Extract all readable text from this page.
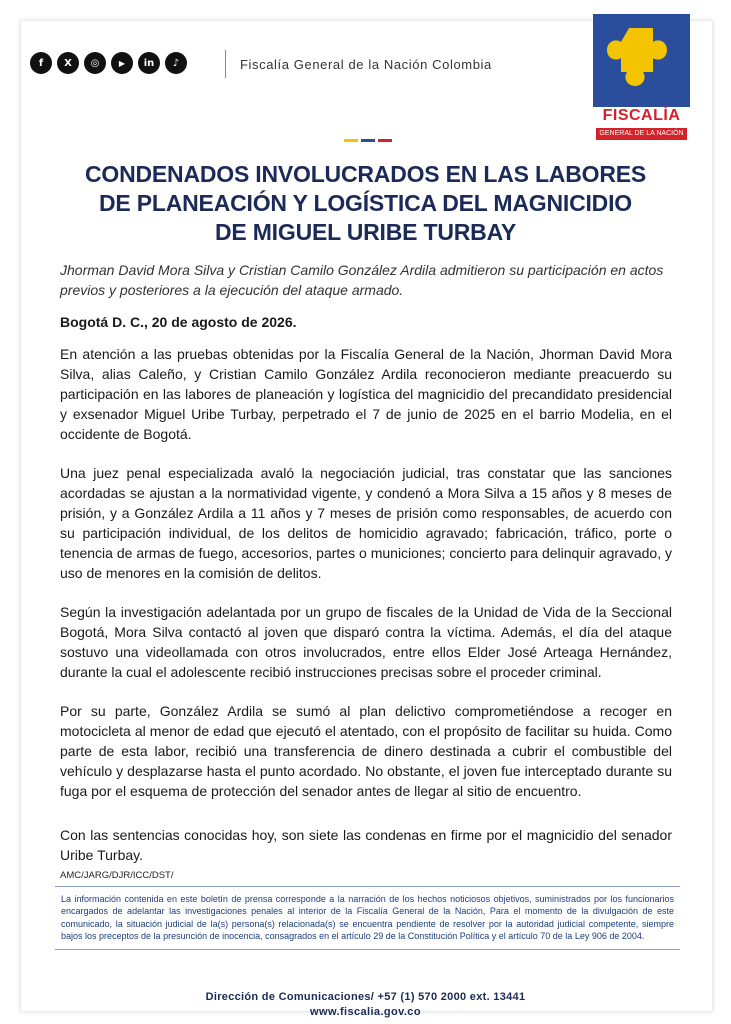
f	X	◎	▶	in	♪	Fiscalía General de la Nación Colombia
FISCALÍA
GENERAL DE LA NACIÓN
CONDENADOS INVOLUCRADOS EN LAS LABORES
DE PLANEACIÓN Y LOGÍSTICA DEL MAGNICIDIO
DE MIGUEL URIBE TURBAY
Jhorman David Mora Silva y Cristian Camilo González Ardila admitieron su participación en actos previos y posteriores a la ejecución del ataque armado.
Bogotá D. C., 20 de agosto de 2026.
En atención a las pruebas obtenidas por la Fiscalía General de la Nación, Jhorman David Mora Silva, alias Caleño, y Cristian Camilo González Ardila reconocieron mediante preacuerdo su participación en las labores de planeación y logística del magnicidio del precandidato presidencial y exsenador Miguel Uribe Turbay, perpetrado el 7 de junio de 2025 en el barrio Modelia, en el occidente de Bogotá.
Una juez penal especializada avaló la negociación judicial, tras constatar que las sanciones acordadas se ajustan a la normatividad vigente, y condenó a Mora Silva a 15 años y 8 meses de prisión, y a González Ardila a 11 años y 7 meses de prisión como responsables, de acuerdo con su participación individual, de los delitos de homicidio agravado; fabricación, tráfico, porte o tenencia de armas de fuego, accesorios, partes o municiones; concierto para delinquir agravado, y uso de menores en la comisión de delitos.
Según la investigación adelantada por un grupo de fiscales de la Unidad de Vida de la Seccional Bogotá, Mora Silva contactó al joven que disparó contra la víctima. Además, el día del ataque sostuvo una videollamada con otros involucrados, entre ellos Elder José Arteaga Hernández, durante la cual el adolescente recibió instrucciones precisas sobre el proceder criminal.
Por su parte, González Ardila se sumó al plan delictivo comprometiéndose a recoger en motocicleta al menor de edad que ejecutó el atentado, con el propósito de facilitar su huida. Como parte de esta labor, recibió una transferencia de dinero destinada a cubrir el combustible del vehículo y desplazarse hasta el punto acordado. No obstante, el joven fue interceptado durante su fuga por el esquema de protección del senador antes de llegar al sitio de encuentro.
Con las sentencias conocidas hoy, son siete las condenas en firme por el magnicidio del senador Uribe Turbay.
AMC/JARG/DJR/ICC/DST/
La información contenida en este boletín de prensa corresponde a la narración de los hechos noticiosos objetivos, suministrados por los funcionarios encargados de adelantar las investigaciones penales al interior de la Fiscalía General de la Nación, Para el momento de la divulgación de este comunicado, la situación judicial de la(s) persona(s) relacionada(s) se encuentra pendiente de resolver por la autoridad judicial competente, siempre bajos los preceptos de la presunción de inocencia, consagrados en el artículo 29 de la Constitución Política y el artículo 70 de la Ley 906 de 2004.
Dirección de Comunicaciones/ +57 (1) 570 2000 ext. 13441
www.fiscalia.gov.co
